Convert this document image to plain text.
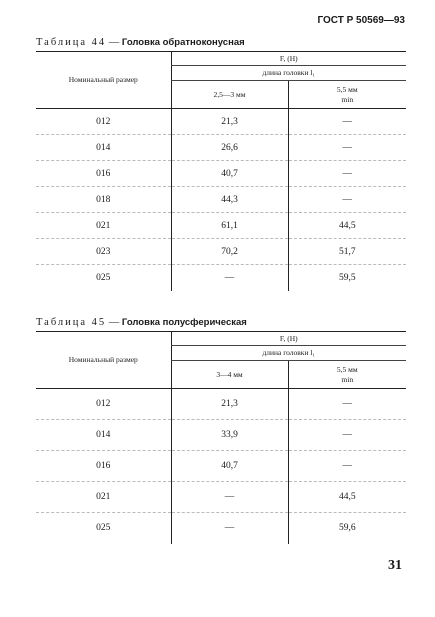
ГОСТ Р 50569—93
Таблица 44 — Головка обратноконусная
Номинальный размер	F, (H)	
	длина головки l₁	
	2,5—3 мм	5,5 мм
min
012	21,3	—
014	26,6	—
016	40,7	—
018	44,3	—
021	61,1	44,5
023	70,2	51,7
025	—	59,5
Таблица 45 — Головка полусферическая
Номинальный размер	F, (H)	
	длина головки l₁	
	3—4 мм	5,5 мм
min
012	21,3	—
014	33,9	—
016	40,7	—
021	—	44,5
025	—	59,6
31
